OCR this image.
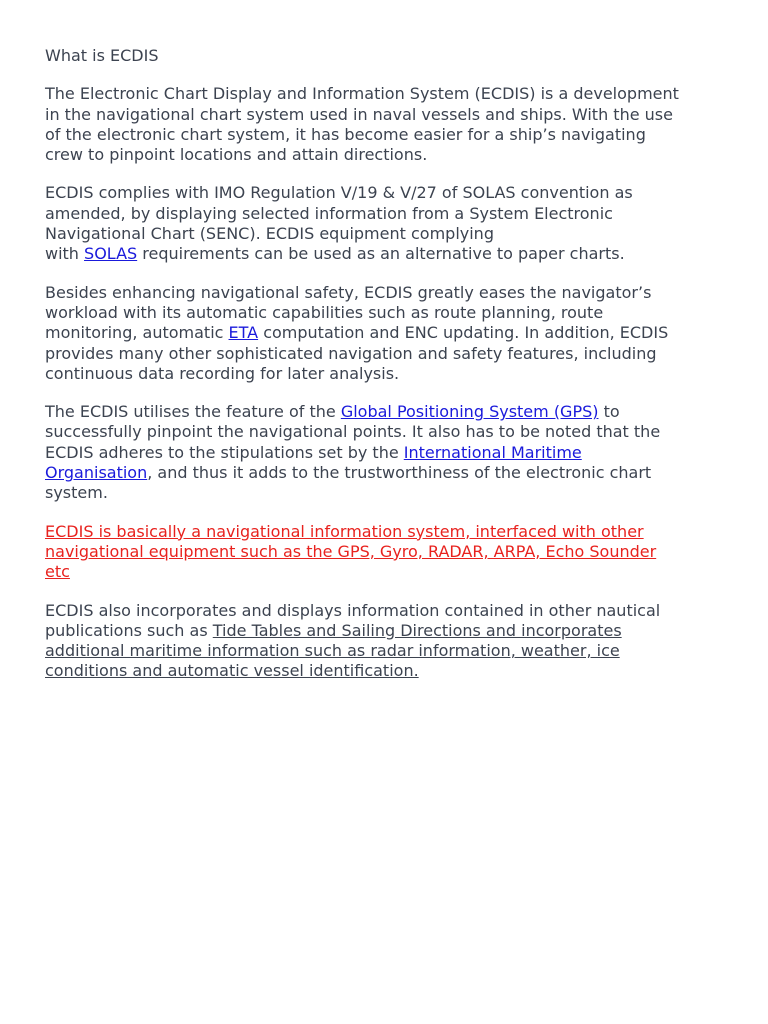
What is ECDIS

The Electronic Chart Display and Information System (ECDIS) is a development
in the navigational chart system used in naval vessels and ships. With the use
of the electronic chart system, it has become easier for a ship’s navigating
crew to pinpoint locations and attain directions.

ECDIS complies with IMO Regulation V/19 & V/27 of SOLAS convention as
amended, by displaying selected information from a System Electronic
Navigational Chart (SENC). ECDIS equipment complying
with SOLAS requirements can be used as an alternative to paper charts.

Besides enhancing navigational safety, ECDIS greatly eases the navigator’s
workload with its automatic capabilities such as route planning, route
monitoring, automatic ETA computation and ENC updating. In addition, ECDIS
provides many other sophisticated navigation and safety features, including
continuous data recording for later analysis.

The ECDIS utilises the feature of the Global Positioning System (GPS) to
successfully pinpoint the navigational points. It also has to be noted that the
ECDIS adheres to the stipulations set by the International Maritime
Organisation, and thus it adds to the trustworthiness of the electronic chart
system.

ECDIS is basically a navigational information system, interfaced with other
navigational equipment such as the GPS, Gyro, RADAR, ARPA, Echo Sounder
etc

ECDIS also incorporates and displays information contained in other nautical
publications such as Tide Tables and Sailing Directions and incorporates
additional maritime information such as radar information, weather, ice
conditions and automatic vessel identification.
